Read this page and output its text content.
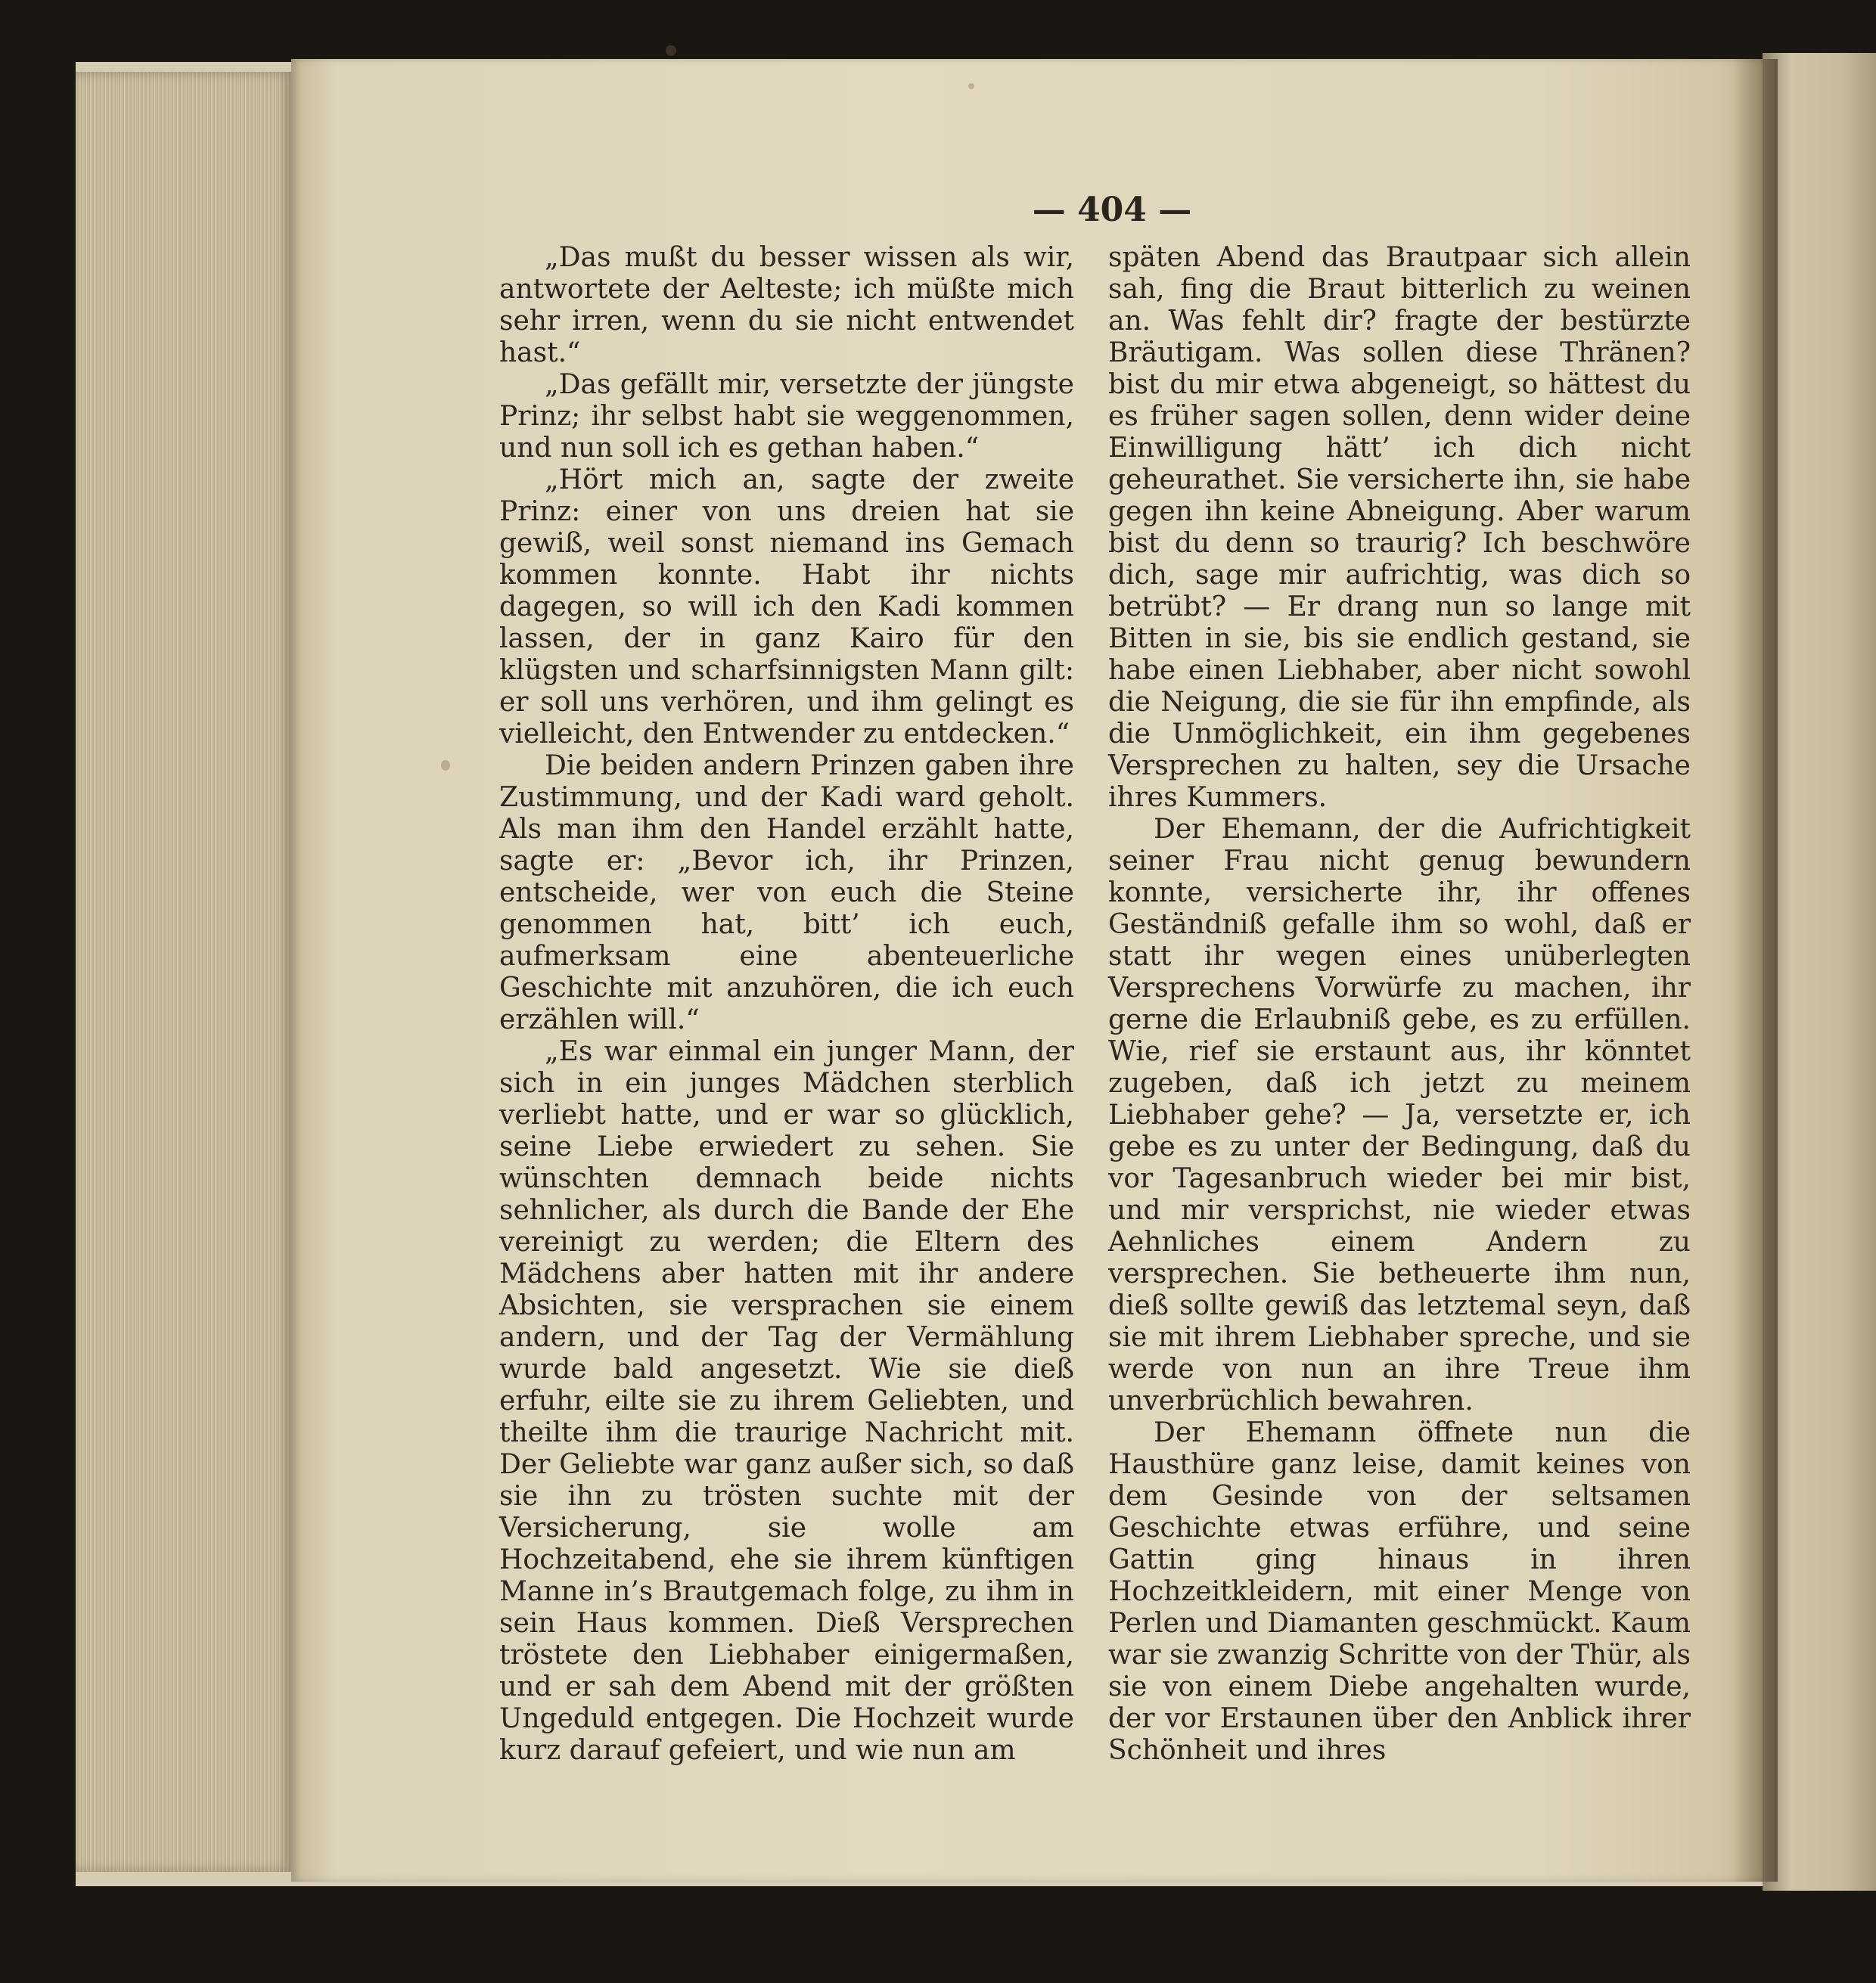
— 404 —

„Das mußt du besser wissen als wir, antwortete der Aelteste; ich müßte mich sehr irren, wenn du sie nicht entwendet hast.“

„Das gefällt mir, versetzte der jüngste Prinz; ihr selbst habt sie weggenommen, und nun soll ich es gethan haben.“

„Hört mich an, sagte der zweite Prinz: einer von uns dreien hat sie gewiß, weil sonst niemand ins Gemach kommen konnte. Habt ihr nichts dagegen, so will ich den Kadi kommen lassen, der in ganz Kairo für den klügsten und scharfsinnigsten Mann gilt: er soll uns verhören, und ihm gelingt es vielleicht, den Entwender zu entdecken.“

Die beiden andern Prinzen gaben ihre Zustimmung, und der Kadi ward geholt. Als man ihm den Handel erzählt hatte, sagte er: „Bevor ich, ihr Prinzen, entscheide, wer von euch die Steine genommen hat, bitt’ ich euch, aufmerksam eine abenteuerliche Geschichte mit anzuhören, die ich euch erzählen will.“

„Es war einmal ein junger Mann, der sich in ein junges Mädchen sterblich verliebt hatte, und er war so glücklich, seine Liebe erwiedert zu sehen. Sie wünschten demnach beide nichts sehnlicher, als durch die Bande der Ehe vereinigt zu werden; die Eltern des Mädchens aber hatten mit ihr andere Absichten, sie versprachen sie einem andern, und der Tag der Vermählung wurde bald angesetzt. Wie sie dieß erfuhr, eilte sie zu ihrem Geliebten, und theilte ihm die traurige Nachricht mit. Der Geliebte war ganz außer sich, so daß sie ihn zu trösten suchte mit der Versicherung, sie wolle am Hochzeitabend, ehe sie ihrem künftigen Manne in’s Brautgemach folge, zu ihm in sein Haus kommen. Dieß Versprechen tröstete den Liebhaber einigermaßen, und er sah dem Abend mit der größten Ungeduld entgegen. Die Hochzeit wurde kurz darauf gefeiert, und wie nun am

späten Abend das Brautpaar sich allein sah, fing die Braut bitterlich zu weinen an. Was fehlt dir? fragte der bestürzte Bräutigam. Was sollen diese Thränen? bist du mir etwa abgeneigt, so hättest du es früher sagen sollen, denn wider deine Einwilligung hätt’ ich dich nicht geheurathet. Sie versicherte ihn, sie habe gegen ihn keine Abneigung. Aber warum bist du denn so traurig? Ich beschwöre dich, sage mir aufrichtig, was dich so betrübt? — Er drang nun so lange mit Bitten in sie, bis sie endlich gestand, sie habe einen Liebhaber, aber nicht sowohl die Neigung, die sie für ihn empfinde, als die Unmöglichkeit, ein ihm gegebenes Versprechen zu halten, sey die Ursache ihres Kummers.

Der Ehemann, der die Aufrichtigkeit seiner Frau nicht genug bewundern konnte, versicherte ihr, ihr offenes Geständniß gefalle ihm so wohl, daß er statt ihr wegen eines unüberlegten Versprechens Vorwürfe zu machen, ihr gerne die Erlaubniß gebe, es zu erfüllen. Wie, rief sie erstaunt aus, ihr könntet zugeben, daß ich jetzt zu meinem Liebhaber gehe? — Ja, versetzte er, ich gebe es zu unter der Bedingung, daß du vor Tagesanbruch wieder bei mir bist, und mir versprichst, nie wieder etwas Aehnliches einem Andern zu versprechen. Sie betheuerte ihm nun, dieß sollte gewiß das letztemal seyn, daß sie mit ihrem Liebhaber spreche, und sie werde von nun an ihre Treue ihm unverbrüchlich bewahren.

Der Ehemann öffnete nun die Hausthüre ganz leise, damit keines von dem Gesinde von der seltsamen Geschichte etwas erführe, und seine Gattin ging hinaus in ihren Hochzeitkleidern, mit einer Menge von Perlen und Diamanten geschmückt. Kaum war sie zwanzig Schritte von der Thür, als sie von einem Diebe angehalten wurde, der vor Erstaunen über den Anblick ihrer Schönheit und ihres
